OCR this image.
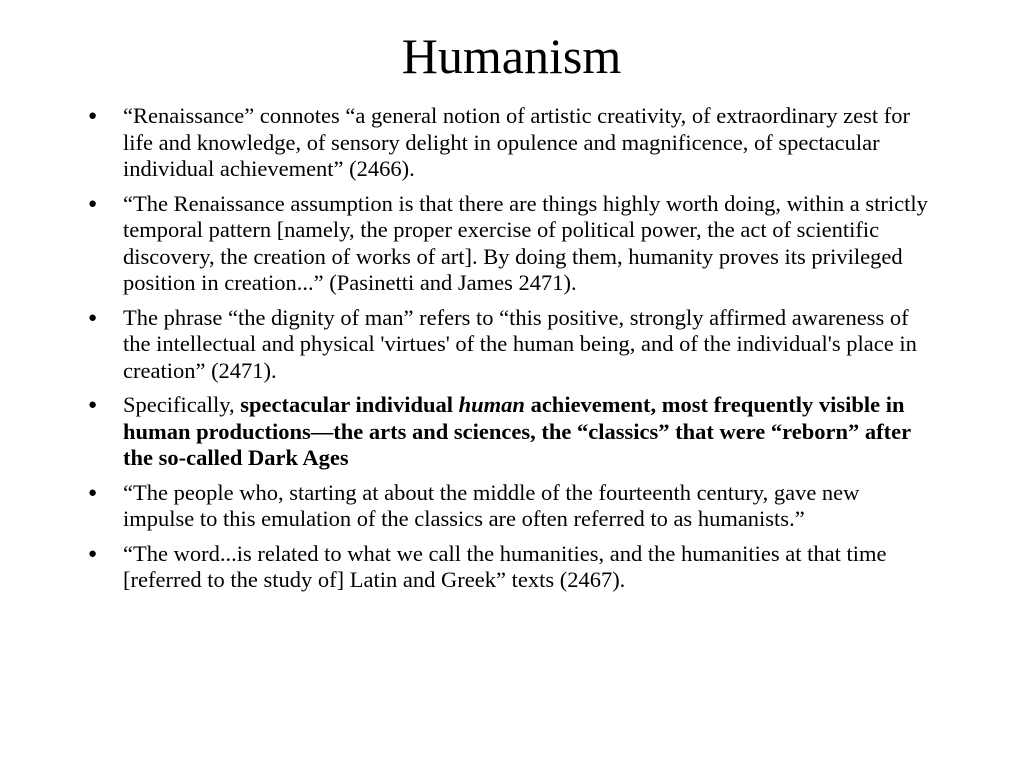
Humanism
● “Renaissance” connotes “a general notion of artistic creativity, of extraordinary zest for life and knowledge, of sensory delight in opulence and magnificence, of spectacular individual achievement” (2466).
● “The Renaissance assumption is that there are things highly worth doing, within a strictly temporal pattern [namely, the proper exercise of political power, the act of scientific discovery, the creation of works of art]. By doing them, humanity proves its privileged position in creation...” (Pasinetti and James 2471).
● The phrase “the dignity of man” refers to “this positive, strongly affirmed awareness of the intellectual and physical 'virtues' of the human being, and of the individual's place in creation” (2471).
● Specifically, spectacular individual human achievement, most frequently visible in human productions—the arts and sciences, the “classics” that were “reborn” after the so-called Dark Ages
● “The people who, starting at about the middle of the fourteenth century, gave new impulse to this emulation of the classics are often referred to as humanists.”
● “The word...is related to what we call the humanities, and the humanities at that time [referred to the study of] Latin and Greek” texts (2467).
